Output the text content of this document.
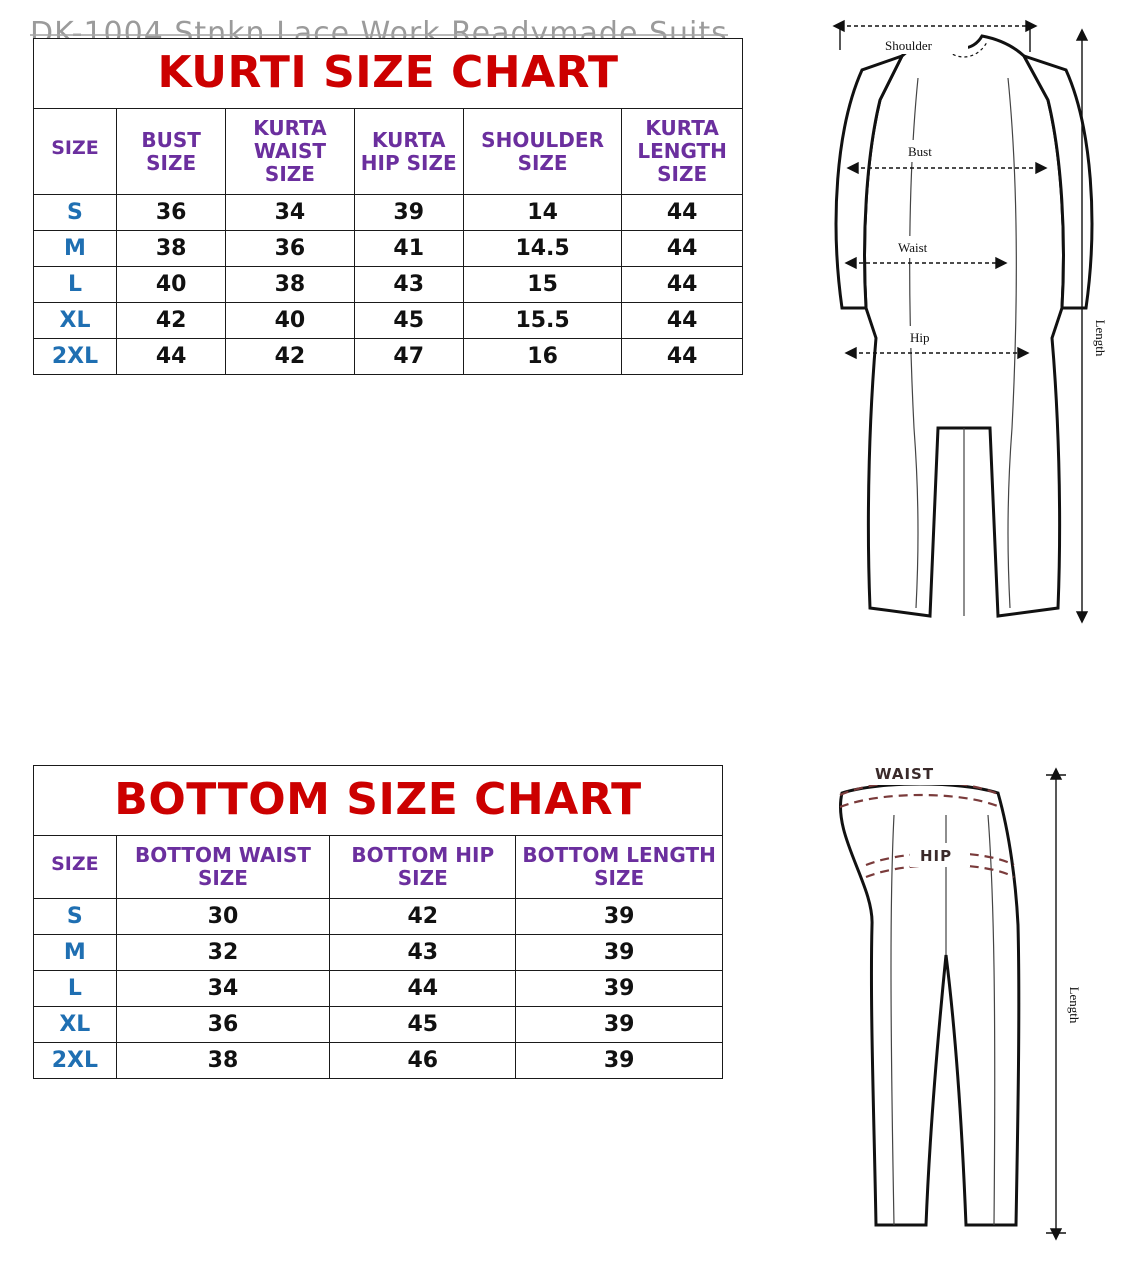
KURTI SIZE CHART					
SIZE	BUST SIZE	KURTA WAIST SIZE	KURTA HIP SIZE	SHOULDER SIZE	KURTA LENGTH SIZE
S	36	34	39	14	44
M	38	36	41	14.5	44
L	40	38	43	15	44
XL	42	40	45	15.5	44
2XL	44	42	47	16	44
Shoulder
Bust
Waist
Hip	Length
BOTTOM SIZE CHART			
SIZE	BOTTOM WAIST SIZE	BOTTOM HIP SIZE	BOTTOM LENGTH SIZE
S	30	42	39
M	32	43	39
L	34	44	39
XL	36	45	39
2XL	38	46	39
WAIST
HIP
Length
